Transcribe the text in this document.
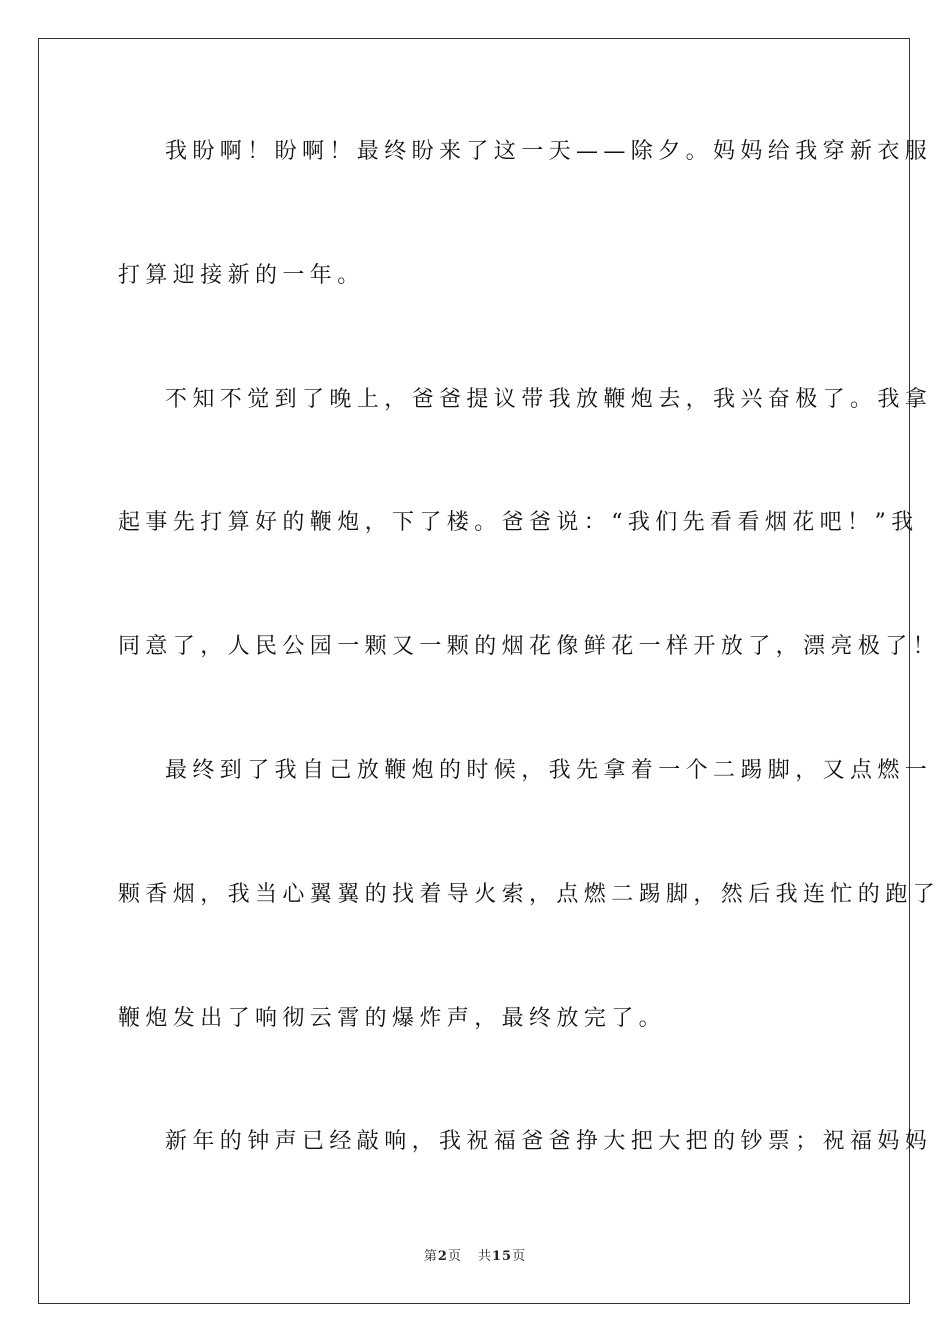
我盼啊！盼啊！最终盼来了这一天——除夕。妈妈给我穿新衣服
打算迎接新的一年。
不知不觉到了晚上，爸爸提议带我放鞭炮去，我兴奋极了。我拿
起事先打算好的鞭炮，下了楼。爸爸说：“我们先看看烟花吧！”我
同意了，人民公园一颗又一颗的烟花像鲜花一样开放了，漂亮极了！
最终到了我自己放鞭炮的时候，我先拿着一个二踢脚，又点燃一
颗香烟，我当心翼翼的找着导火索，点燃二踢脚，然后我连忙的跑了
鞭炮发出了响彻云霄的爆炸声，最终放完了。
新年的钟声已经敲响，我祝福爸爸挣大把大把的钞票；祝福妈妈
第2页 共15页
